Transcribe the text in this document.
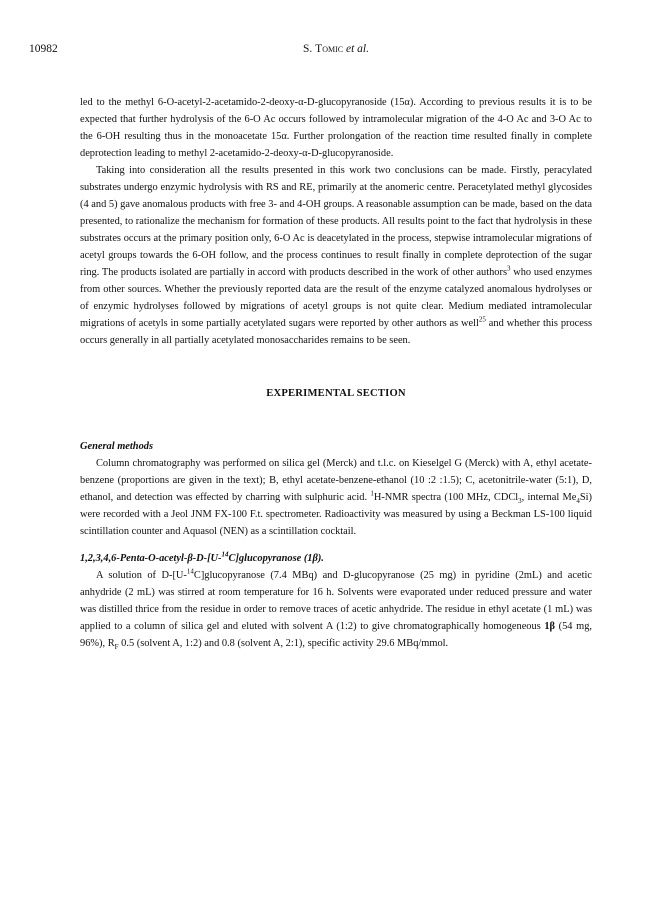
10982	S. Tomic et al.

led to the methyl 6-O-acetyl-2-acetamido-2-deoxy-α-D-glucopyranoside (15α). According to previous results it is to be expected that further hydrolysis of the 6-O Ac occurs followed by intramolecular migration of the 4-O Ac and 3-O Ac to the 6-OH resulting thus in the monoacetate 15α. Further prolongation of the reaction time resulted finally in complete deprotection leading to methyl 2-acetamido-2-deoxy-α-D-glucopyranoside.

Taking into consideration all the results presented in this work two conclusions can be made. Firstly, peracylated substrates undergo enzymic hydrolysis with RS and RE, primarily at the anomeric centre. Peracetylated methyl glycosides (4 and 5) gave anomalous products with free 3- and 4-OH groups. A reasonable assumption can be made, based on the data presented, to rationalize the mechanism for formation of these products. All results point to the fact that hydrolysis in these substrates occurs at the primary position only, 6-O Ac is deacetylated in the process, stepwise intramolecular migrations of acetyl groups towards the 6-OH follow, and the process continues to result finally in complete deprotection of the sugar ring. The products isolated are partially in accord with products described in the work of other authors$^3$ who used enzymes from other sources. Whether the previously reported data are the result of the enzyme catalyzed anomalous hydrolyses or of enzymic hydrolyses followed by migrations of acetyl groups is not quite clear. Medium mediated intramolecular migrations of acetyls in some partially acetylated sugars were reported by other authors as well$^{25}$ and whether this process occurs generally in all partially acetylated monosaccharides remains to be seen.

EXPERIMENTAL SECTION

General methods

Column chromatography was performed on silica gel (Merck) and t.l.c. on Kieselgel G (Merck) with A, ethyl acetate-benzene (proportions are given in the text); B, ethyl acetate-benzene-ethanol (10 :2 :1.5); C, acetonitrile-water (5:1), D, ethanol, and detection was effected by charring with sulphuric acid. $^1$H-NMR spectra (100 MHz, CDCl$_3$, internal $Me_4Si$) were recorded with a Jeol JNM FX-100 F.t. spectrometer. Radioactivity was measured by using a Beckman LS-100 liquid scintillation counter and Aquasol (NEN) as a scintillation cocktail.

1,2,3,4,6-Penta-O-acetyl-β-D-[U-$^{14}$C]glucopyranose (1β).

A solution of D-[U-$^{14}$C]glucopyranose (7.4 MBq) and D-glucopyranose (25 mg) in pyridine (2mL) and acetic anhydride (2 mL) was stirred at room temperature for 16 h. Solvents were evaporated under reduced pressure and water was distilled thrice from the residue in order to remove traces of acetic anhydride. The residue in ethyl acetate (1 mL) was applied to a column of silica gel and eluted with solvent A (1:2) to give chromatographically homogeneous 1β (54 mg, 96%), $R_F$ 0.5 (solvent A, 1:2) and 0.8 (solvent A, 2:1), specific activity 29.6 MBq/mmol.
